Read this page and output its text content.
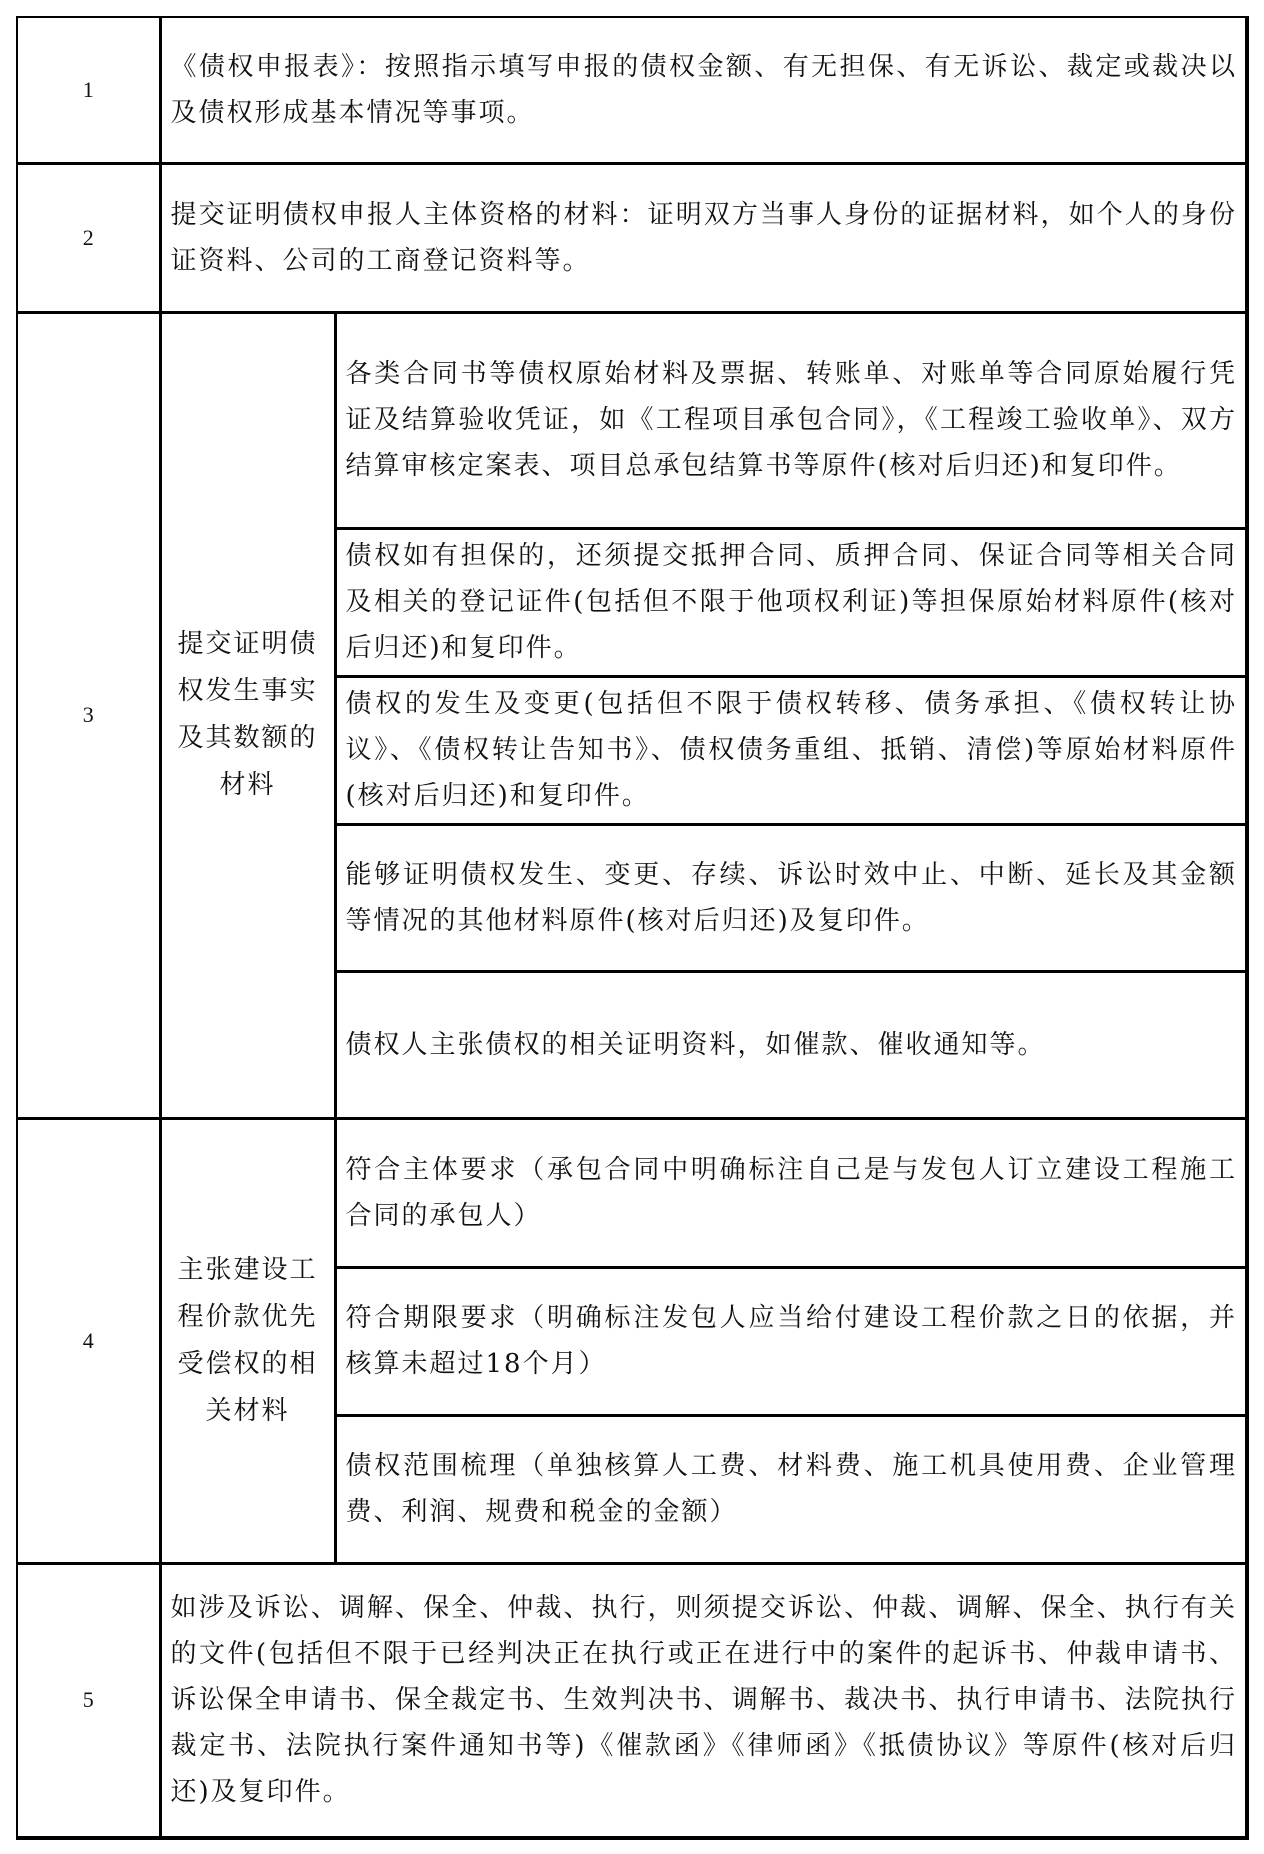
1	《债权申报表》：按照指示填写申报的债权金额、有无担保、有无诉讼、裁定或裁决以及债权形成基本情况等事项。	
2	提交证明债权申报人主体资格的材料：证明双方当事人身份的证据材料，如个人的身份证资料、公司的工商登记资料等。	
3	提交证明债权发生事实及其数额的材料	各类合同书等债权原始材料及票据、转账单、对账单等合同原始履行凭证及结算验收凭证，如《工程项目承包合同》，《工程竣工验收单》、双方结算审核定案表、项目总承包结算书等原件(核对后归还)和复印件。
		债权如有担保的，还须提交抵押合同、质押合同、保证合同等相关合同及相关的登记证件(包括但不限于他项权利证)等担保原始材料原件(核对后归还)和复印件。
		债权的发生及变更(包括但不限于债权转移、债务承担、《债权转让协议》、《债权转让告知书》、债权债务重组、抵销、清偿)等原始材料原件(核对后归还)和复印件。
		能够证明债权发生、变更、存续、诉讼时效中止、中断、延长及其金额等情况的其他材料原件(核对后归还)及复印件。
		债权人主张债权的相关证明资料，如催款、催收通知等。
4	主张建设工程价款优先受偿权的相关材料	符合主体要求（承包合同中明确标注自己是与发包人订立建设工程施工合同的承包人）
		符合期限要求（明确标注发包人应当给付建设工程价款之日的依据，并核算未超过18个月）
		债权范围梳理（单独核算人工费、材料费、施工机具使用费、企业管理费、利润、规费和税金的金额）
5	如涉及诉讼、调解、保全、仲裁、执行，则须提交诉讼、仲裁、调解、保全、执行有关的文件(包括但不限于已经判决正在执行或正在进行中的案件的起诉书、仲裁申请书、诉讼保全申请书、保全裁定书、生效判决书、调解书、裁决书、执行申请书、法院执行裁定书、法院执行案件通知书等)《催款函》《律师函》《抵债协议》等原件(核对后归还)及复印件。	
